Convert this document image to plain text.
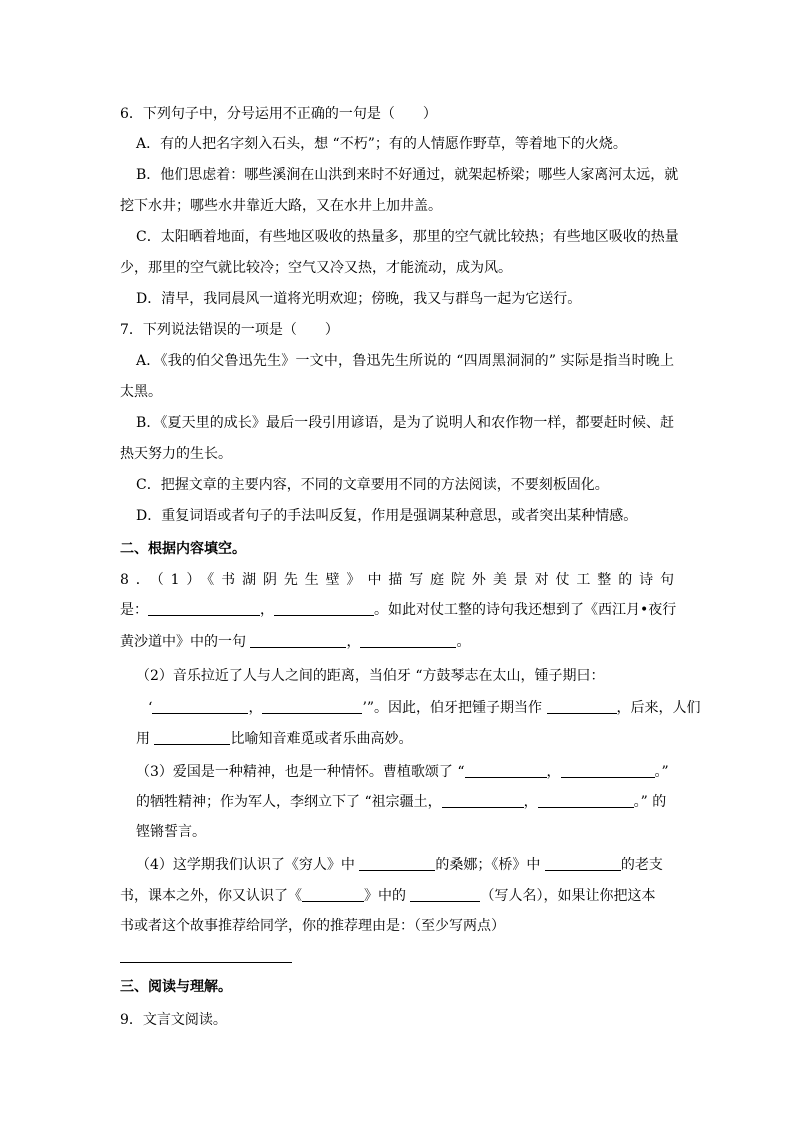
6．下列句子中，分号运用不正确的一句是（　　）
A．有的人把名字刻入石头，想 “不朽”；有的人情愿作野草，等着地下的火烧。
B．他们思虑着：哪些溪涧在山洪到来时不好通过，就架起桥梁；哪些人家离河太远，就
挖下水井；哪些水井靠近大路，又在水井上加井盖。
C．太阳晒着地面，有些地区吸收的热量多，那里的空气就比较热；有些地区吸收的热量
少，那里的空气就比较冷；空气又冷又热，才能流动，成为风。
D．清早，我同晨风一道将光明欢迎；傍晚，我又与群鸟一起为它送行。
7．下列说法错误的一项是（　　）
A．《我的伯父鲁迅先生》一文中，鲁迅先生所说的 “四周黑洞洞的” 实际是指当时晚上
太黑。
B．《夏天里的成长》最后一段引用谚语，是为了说明人和农作物一样，都要赶时候、赶
热天努力的生长。
C．把握文章的主要内容，不同的文章要用不同的方法阅读，不要刻板固化。
D．重复词语或者句子的手法叫反复，作用是强调某种意思，或者突出某种情感。
二、根据内容填空。
8．（1）《书湖阴先生壁》中描写庭院外美景对仗工整的诗句
是：	，	。如此对仗工整的诗句我还想到了《西江月•夜行
黄沙道中》中的一句	，	。
（2）音乐拉近了人与人之间的距离，当伯牙 “方鼓琴志在太山，锺子期曰：
‘	，	’”。因此，伯牙把锺子期当作	，后来，人们
用	比喻知音难觅或者乐曲高妙。
（3）爱国是一种精神，也是一种情怀。曹植歌颂了 “	，	。”
的牺牲精神；作为军人，李纲立下了 “祖宗疆土，	，	。” 的
铿锵誓言。
（4）这学期我们认识了《穷人》中	的桑娜；《桥》中	的老支
书，课本之外，你又认识了《	》中的	（写人名），如果让你把这本
书或者这个故事推荐给同学，你的推荐理由是：（至少写两点）
三、阅读与理解。
9．文言文阅读。
